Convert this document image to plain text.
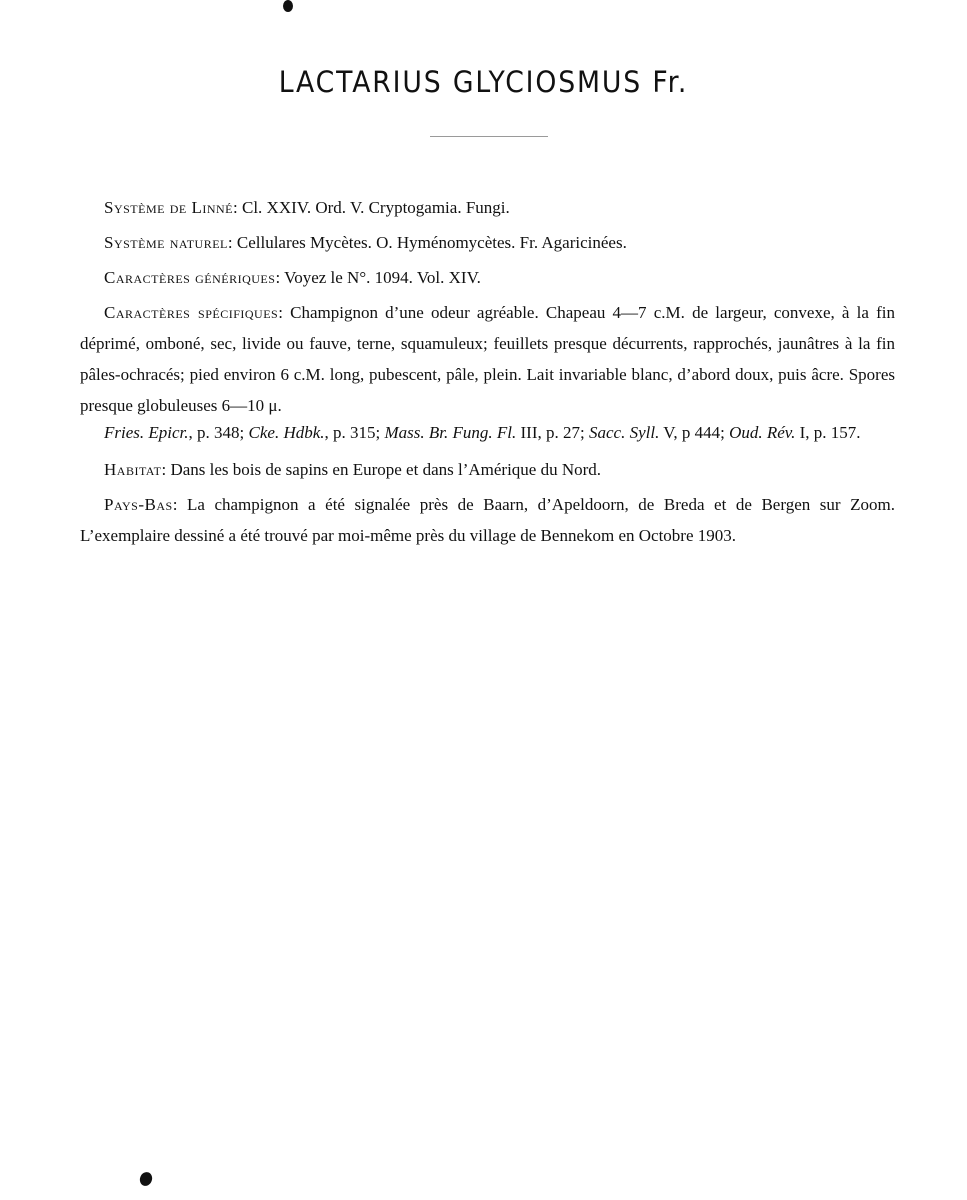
LACTARIUS GLYCIOSMUS Fr.

Système de Linné: Cl. XXIV. Ord. V. Cryptogamia. Fungi.

Système naturel: Cellulares Mycètes. O. Hyménomycètes. Fr. Agaricinées.

Caractères génériques: Voyez le N°. 1094. Vol. XIV.

Caractères spécifiques: Champignon d’une odeur agréable. Chapeau 4—7 c.M. de largeur, convexe, à la fin déprimé, omboné, sec, livide ou fauve, terne, squamuleux; feuillets presque décurrents, rapprochés, jaunâtres à la fin pâles-ochracés; pied environ 6 c.M. long, pubescent, pâle, plein. Lait invariable blanc, d’abord doux, puis âcre. Spores presque globuleuses 6—10 μ.

Fries. Epicr., p. 348; Cke. Hdbk., p. 315; Mass. Br. Fung. Fl. III, p. 27; Sacc. Syll. V, p 444; Oud. Rév. I, p. 157.

Habitat: Dans les bois de sapins en Europe et dans l’Amérique du Nord.

Pays-Bas: La champignon a été signalée près de Baarn, d’Apeldoorn, de Breda et de Bergen sur Zoom. L’exemplaire dessiné a été trouvé par moi-même près du village de Bennekom en Octobre 1903.
